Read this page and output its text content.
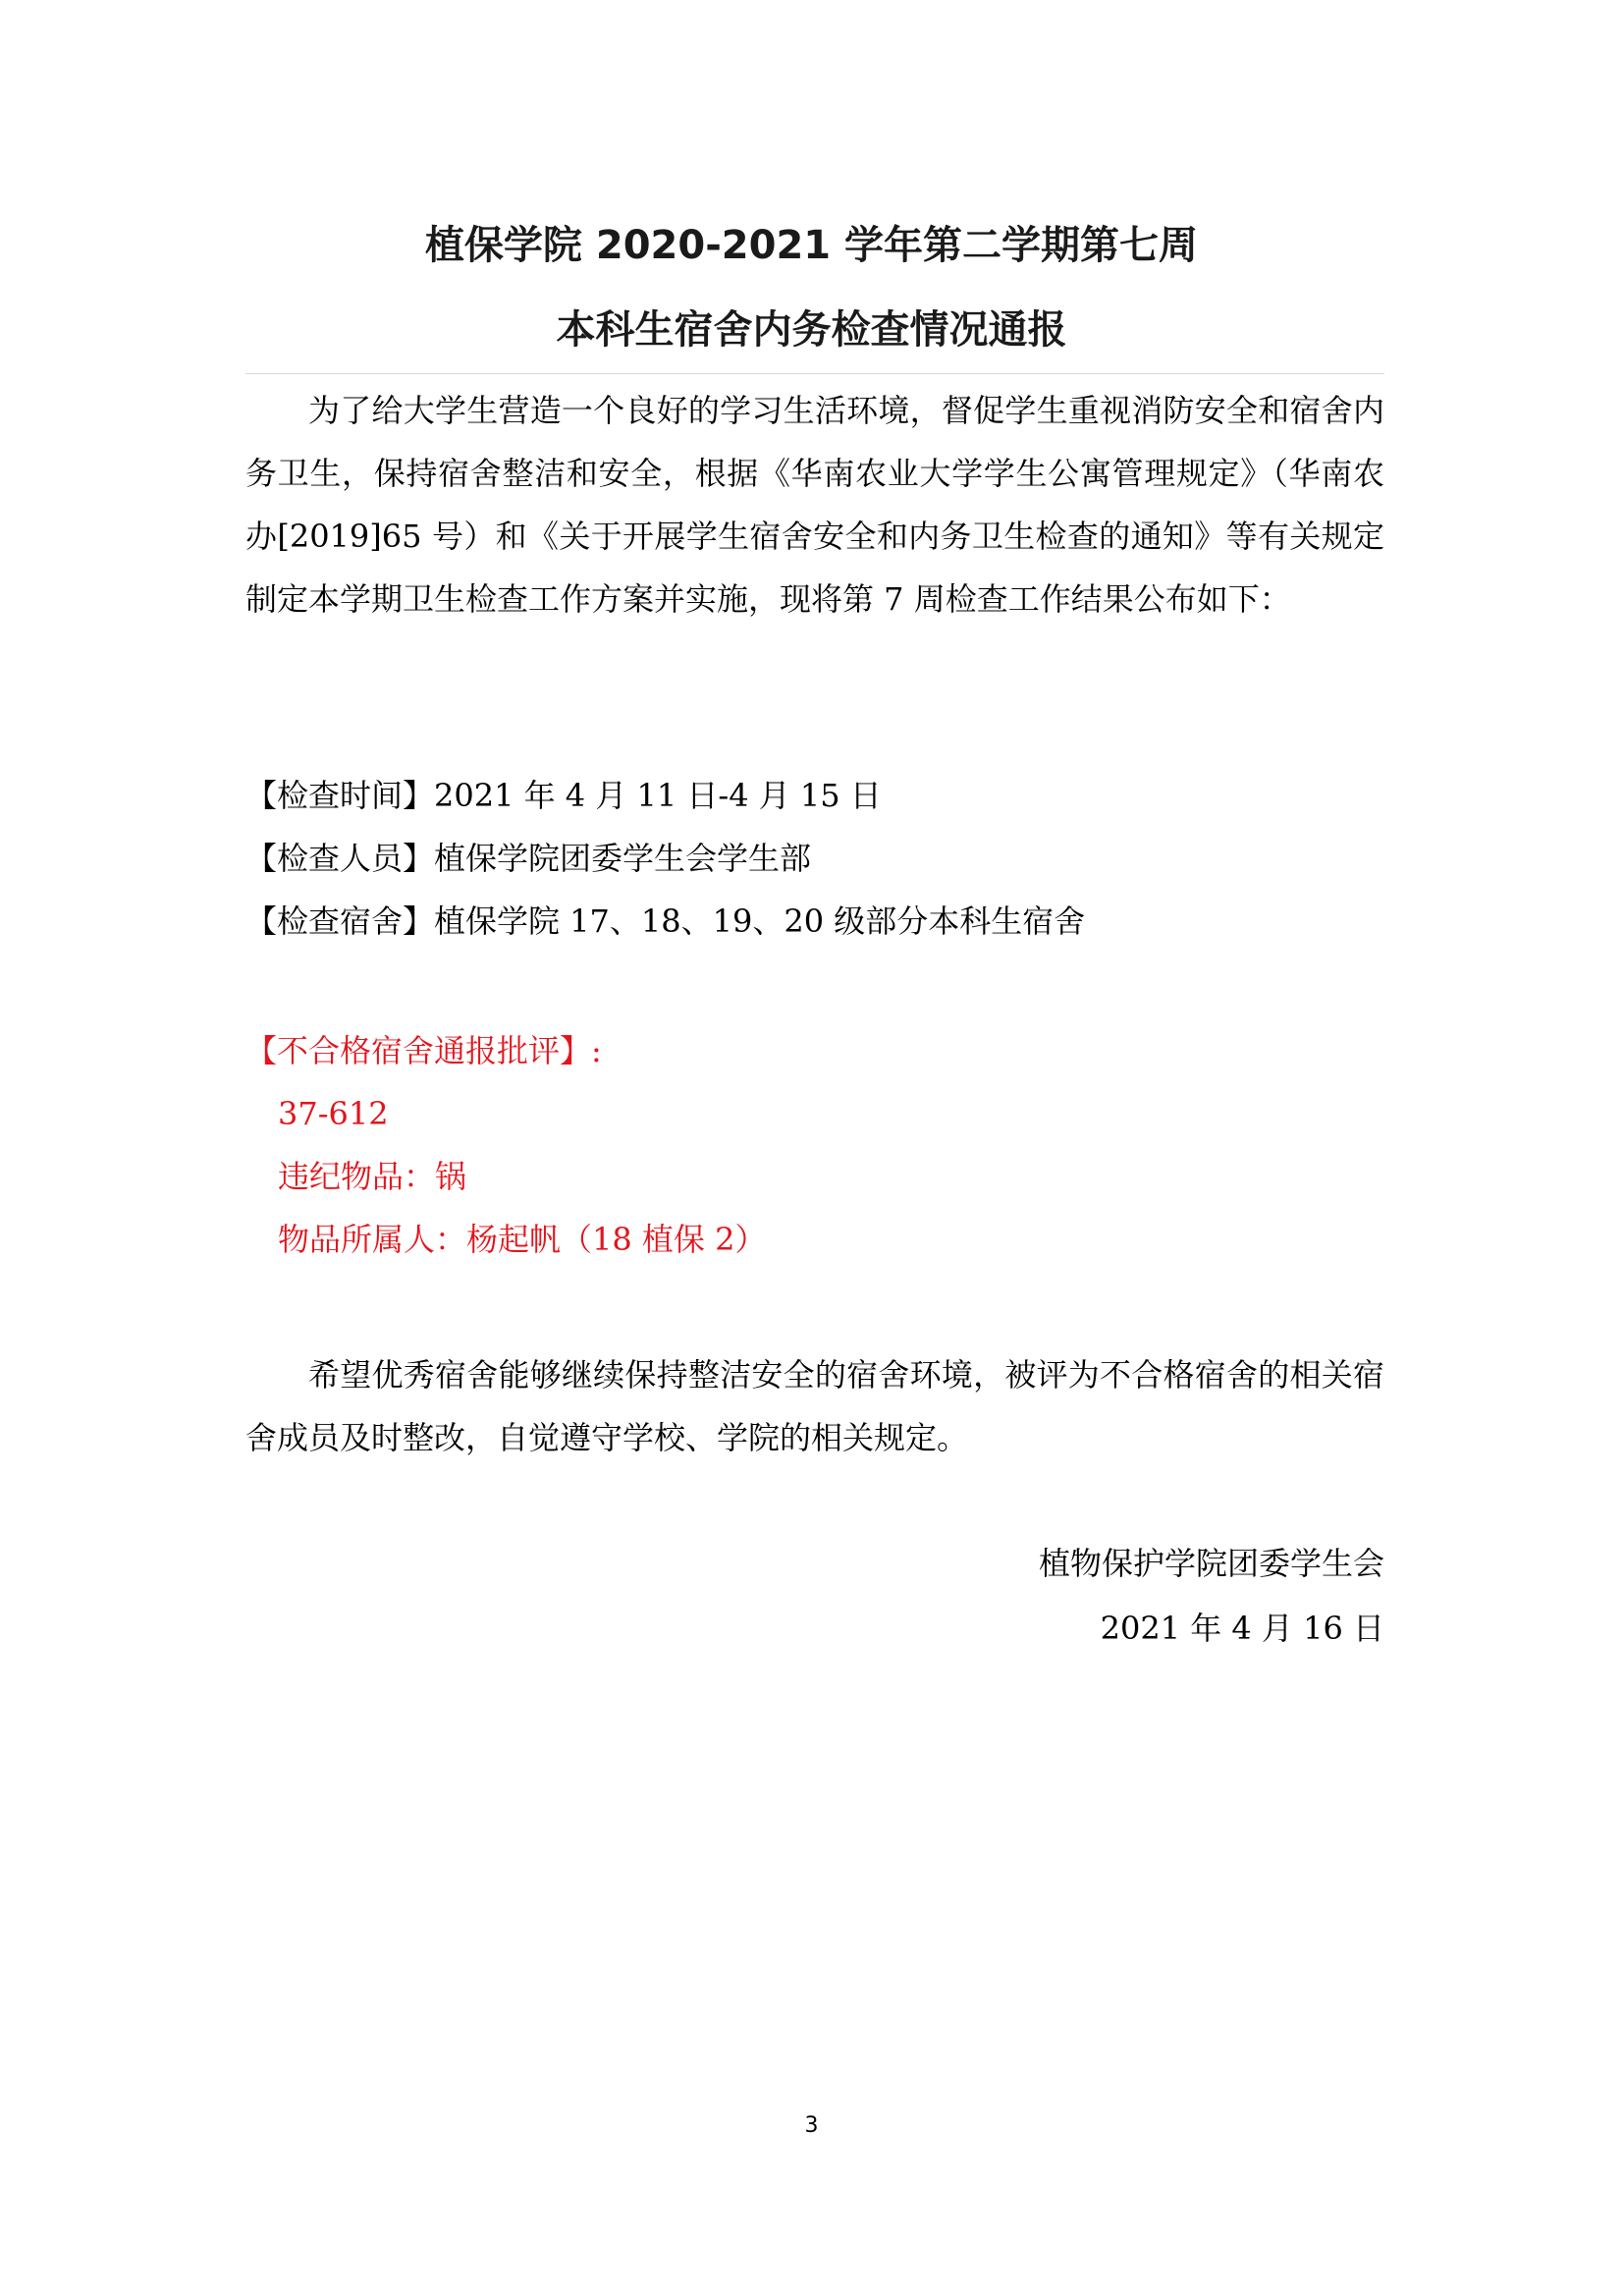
植保学院 2020-2021 学年第二学期第七周
本科生宿舍内务检查情况通报
为了给大学生营造一个良好的学习生活环境，督促学生重视消防安全和宿舍内务卫生，保持宿舍整洁和安全，根据《华南农业大学学生公寓管理规定》（华南农办[2019]65 号）和《关于开展学生宿舍安全和内务卫生检查的通知》等有关规定制定本学期卫生检查工作方案并实施，现将第 7 周检查工作结果公布如下：
【检查时间】2021 年 4 月 11 日-4 月 15 日
【检查人员】植保学院团委学生会学生部
【检查宿舍】植保学院 17、18、19、20 级部分本科生宿舍
【不合格宿舍通报批评】:
37-612
违纪物品：锅
物品所属人：杨起帆（18 植保 2）
希望优秀宿舍能够继续保持整洁安全的宿舍环境，被评为不合格宿舍的相关宿舍成员及时整改，自觉遵守学校、学院的相关规定。
植物保护学院团委学生会
2021 年 4 月 16 日
3
